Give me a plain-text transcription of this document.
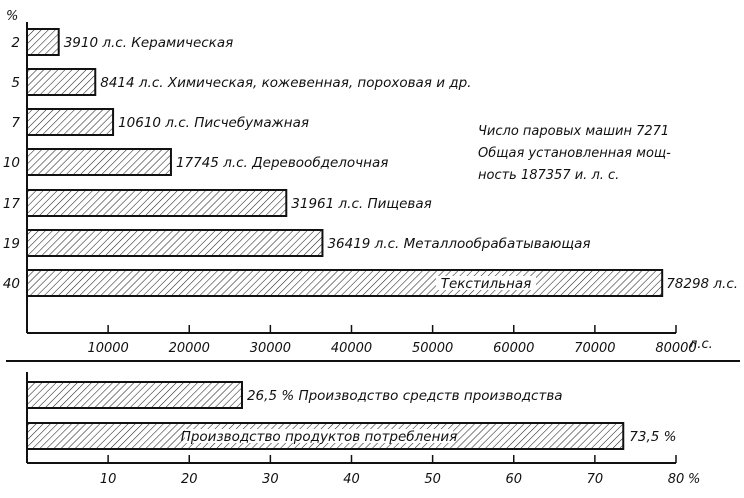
%
2	3910 л.с. Керамическая
5	8414 л.с. Химическая, кожевенная, пороховая и др.
7	10610 л.с. Писчебумажная
10	17745 л.с. Деревообделочная
17	31961 л.с. Пищевая
19	36419 л.с. Металлообрабатывающая
40	Текстильная	78298 л.с.
10000	20000	30000	40000	50000	60000	70000	80000
л.с.
Число паровых машин 7271
Общая установленная мощ-
ность 187357 и. л. с.
26,5 % Производство средств производства
Производство продуктов потребления	73,5 %
10	20	30	40	50	60	70	80 %
